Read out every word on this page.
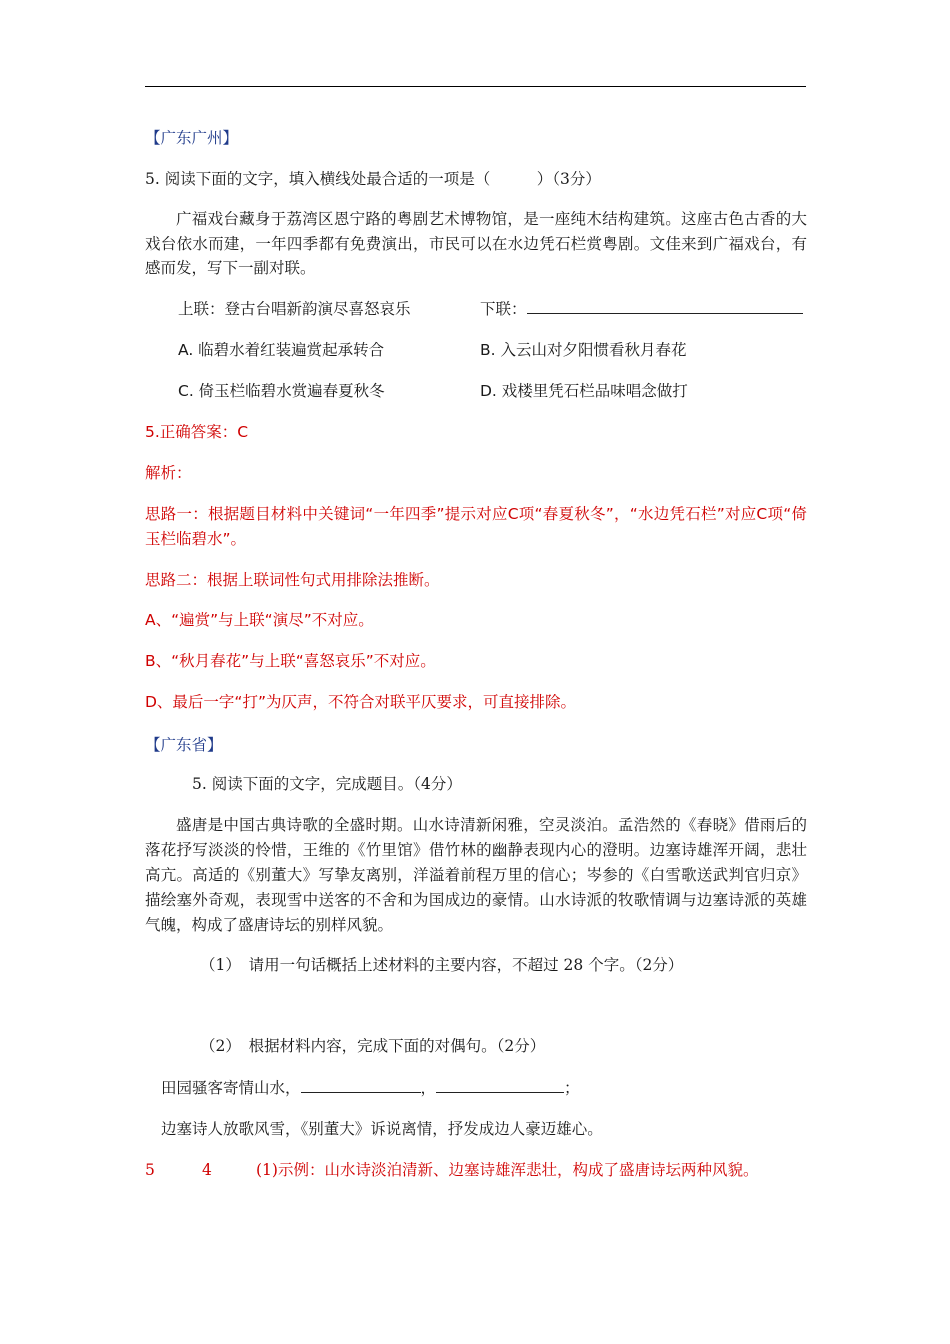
【广东广州】
5. 阅读下面的文字，填入横线处最合适的一项是（　　　）（3分）
广福戏台藏身于荔湾区恩宁路的粤剧艺术博物馆，是一座纯木结构建筑。这座古色古香的大戏台依水而建，一年四季都有免费演出，市民可以在水边凭石栏赏粤剧。文佳来到广福戏台，有感而发，写下一副对联。
上联：登古台唱新韵演尽喜怒哀乐	下联：
A. 临碧水着红装遍赏起承转合	B. 入云山对夕阳惯看秋月春花
C. 倚玉栏临碧水赏遍春夏秋冬	D. 戏楼里凭石栏品味唱念做打
5.正确答案：C
解析：
思路一：根据题目材料中关键词“一年四季”提示对应C项“春夏秋冬”，“水边凭石栏”对应C项“倚玉栏临碧水”。
思路二：根据上联词性句式用排除法推断。
A、“遍赏”与上联“演尽”不对应。
B、“秋月春花”与上联“喜怒哀乐”不对应。
D、最后一字“打”为仄声，不符合对联平仄要求，可直接排除。
【广东省】
5. 阅读下面的文字，完成题目。（4分）
盛唐是中国古典诗歌的全盛时期。山水诗清新闲雅，空灵淡泊。孟浩然的《春晓》借雨后的落花抒写淡淡的怜惜，王维的《竹里馆》借竹林的幽静表现内心的澄明。边塞诗雄浑开阔，悲壮高亢。高适的《别董大》写挚友离别，洋溢着前程万里的信心；岑参的《白雪歌送武判官归京》描绘塞外奇观，表现雪中送客的不舍和为国成边的豪情。山水诗派的牧歌情调与边塞诗派的英雄气魄，构成了盛唐诗坛的别样风貌。
（1）　请用一句话概括上述材料的主要内容，不超过 28 个字。（2分）
（2）　根据材料内容，完成下面的对偶句。（2分）
田园骚客寄情山水，	，	；
边塞诗人放歌风雪，《别董大》诉说离情，抒发成边人豪迈雄心。
5	4	(1)示例：山水诗淡泊清新、边塞诗雄浑悲壮，构成了盛唐诗坛两种风貌。
